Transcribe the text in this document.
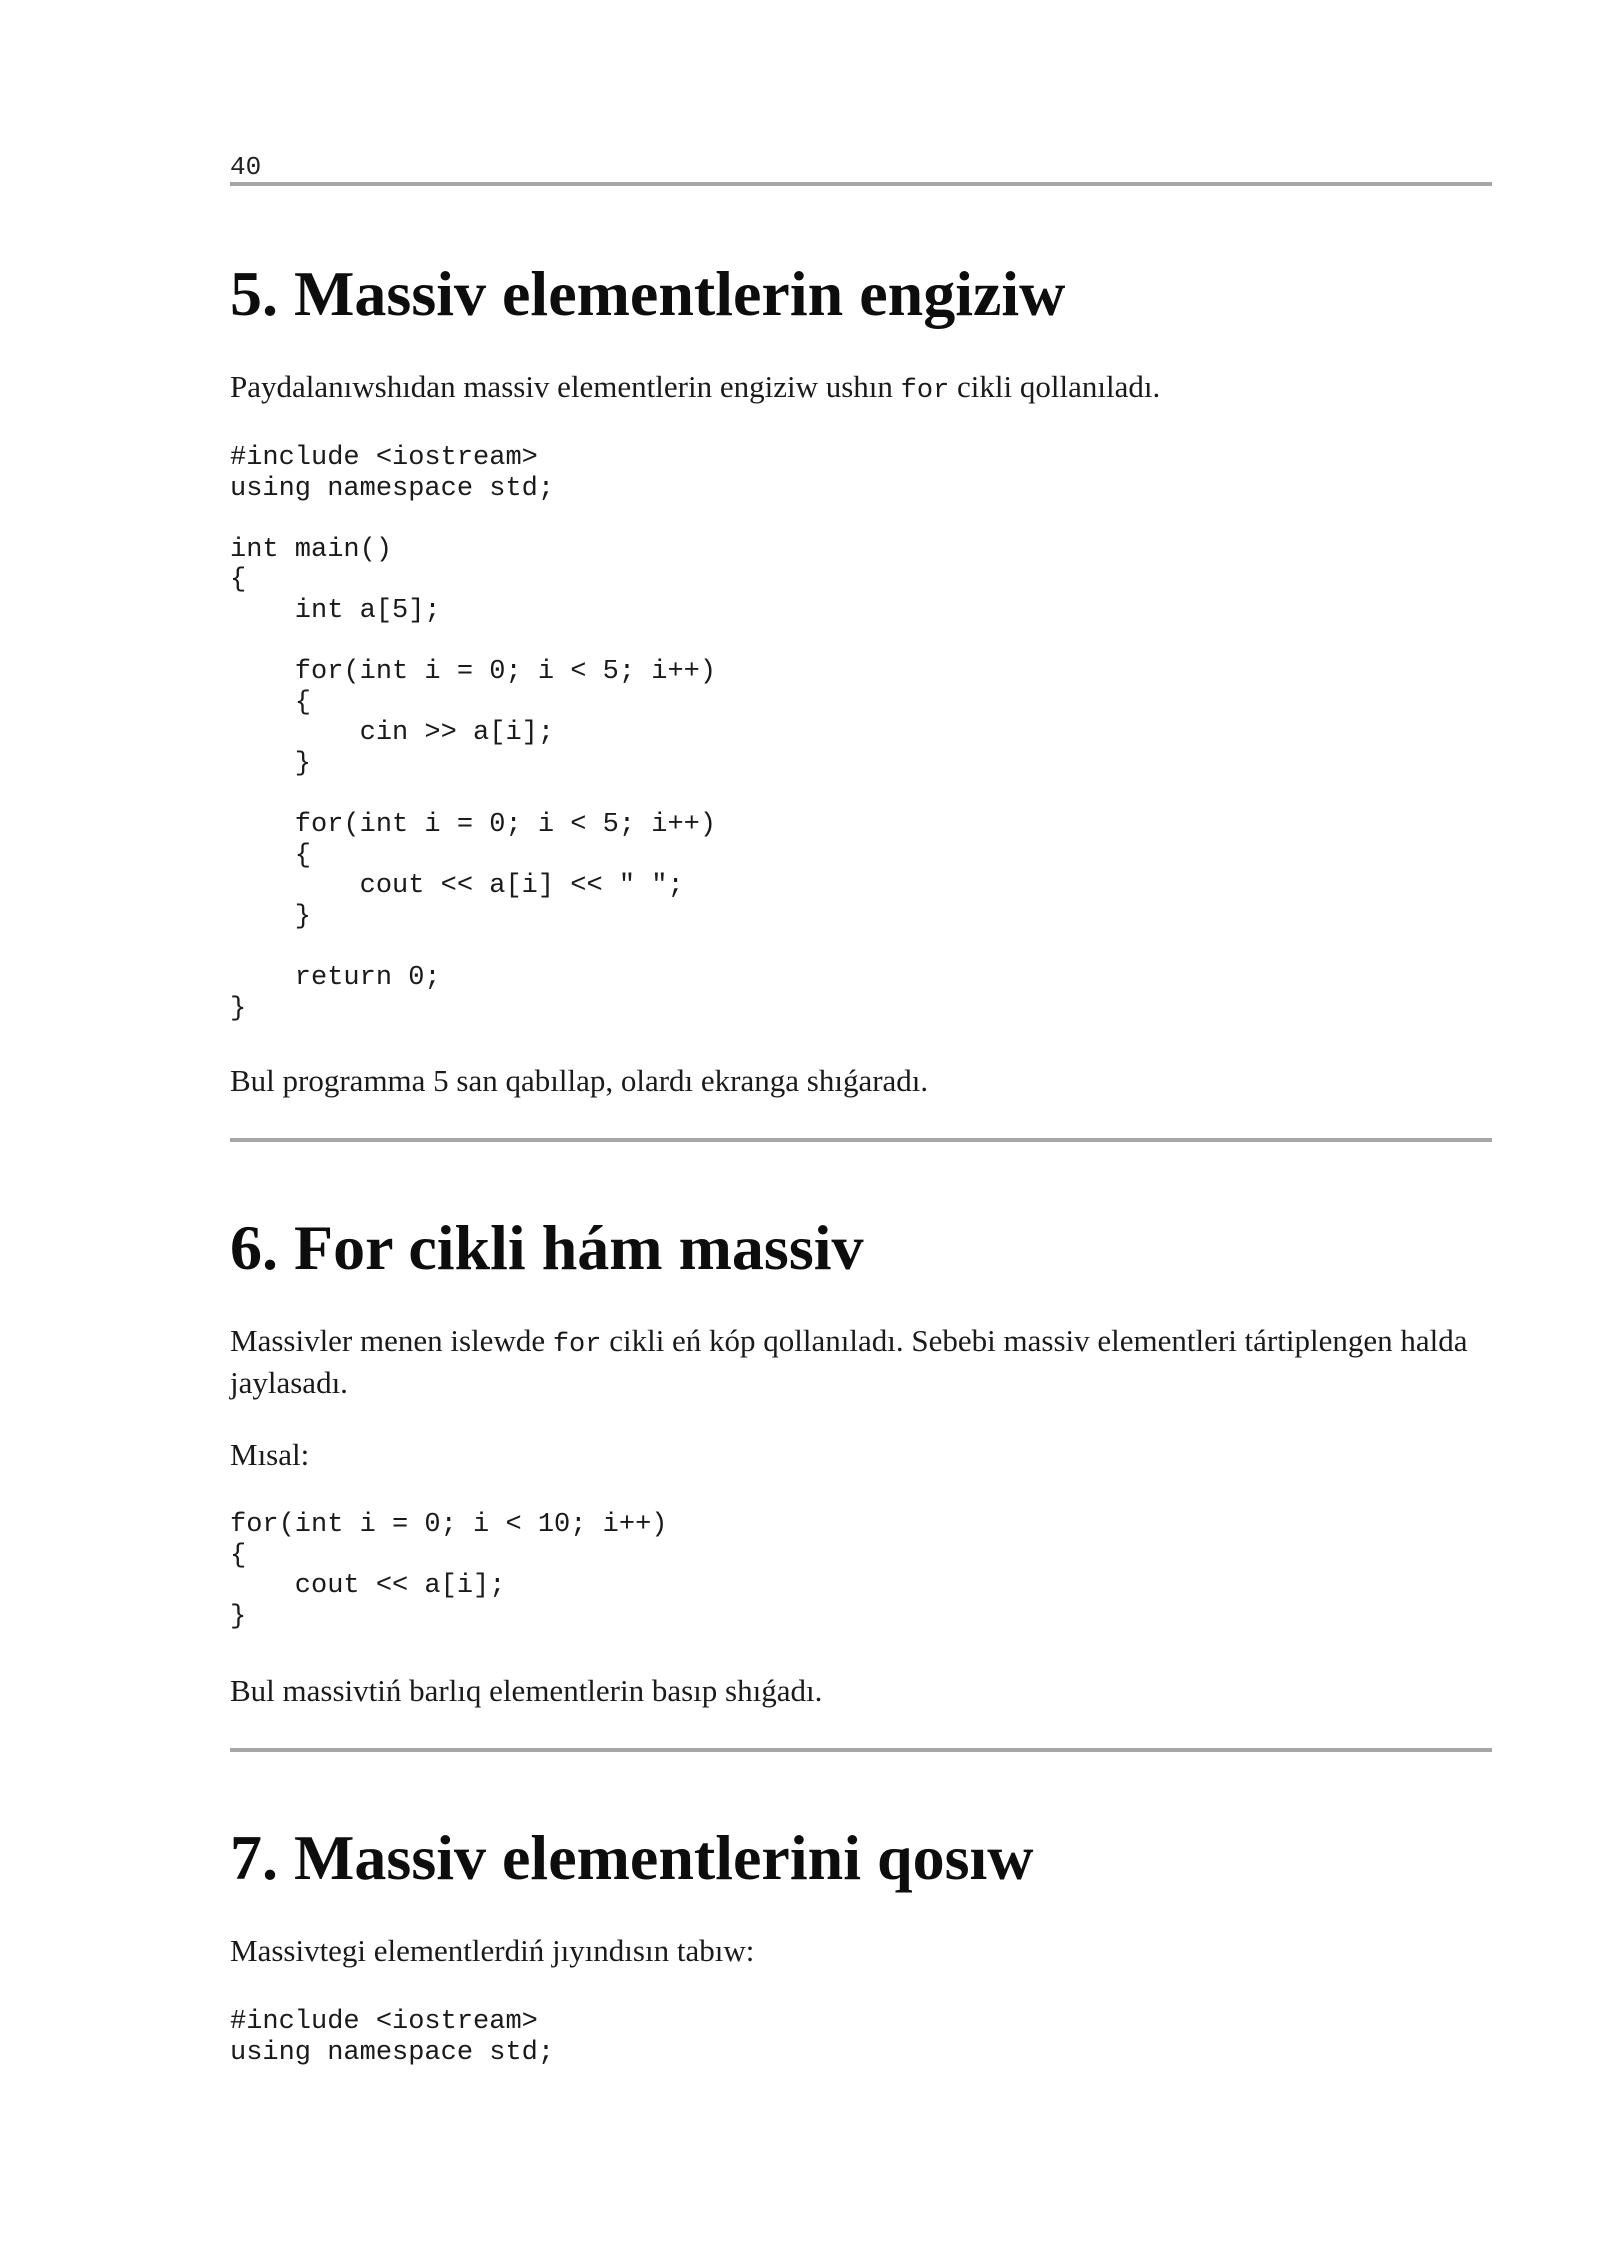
40
5. Massiv elementlerin engiziw

Paydalanıwshıdan massiv elementlerin engiziw ushın for cikli qollanıladı.

#include <iostream>
using namespace std;

int main()
{
int a[5];

for(int i = 0; i < 5; i++)
{
cin >> a[i];
}

for(int i = 0; i < 5; i++)
{
cout << a[i] << " ";
}

return 0;
}

Bul programma 5 san qabıllap, olardı ekranga shıǵaradı.

6. For cikli hám massiv

Massivler menen islewde for cikli eń kóp qollanıladı. Sebebi massiv elementleri tártiplengen halda jaylasadı.

Mısal:

for(int i = 0; i < 10; i++)
{
cout << a[i];
}

Bul massivtiń barlıq elementlerin basıp shıǵadı.

7. Massiv elementlerini qosıw

Massivtegi elementlerdiń jıyındısın tabıw:

#include <iostream>
using namespace std;
